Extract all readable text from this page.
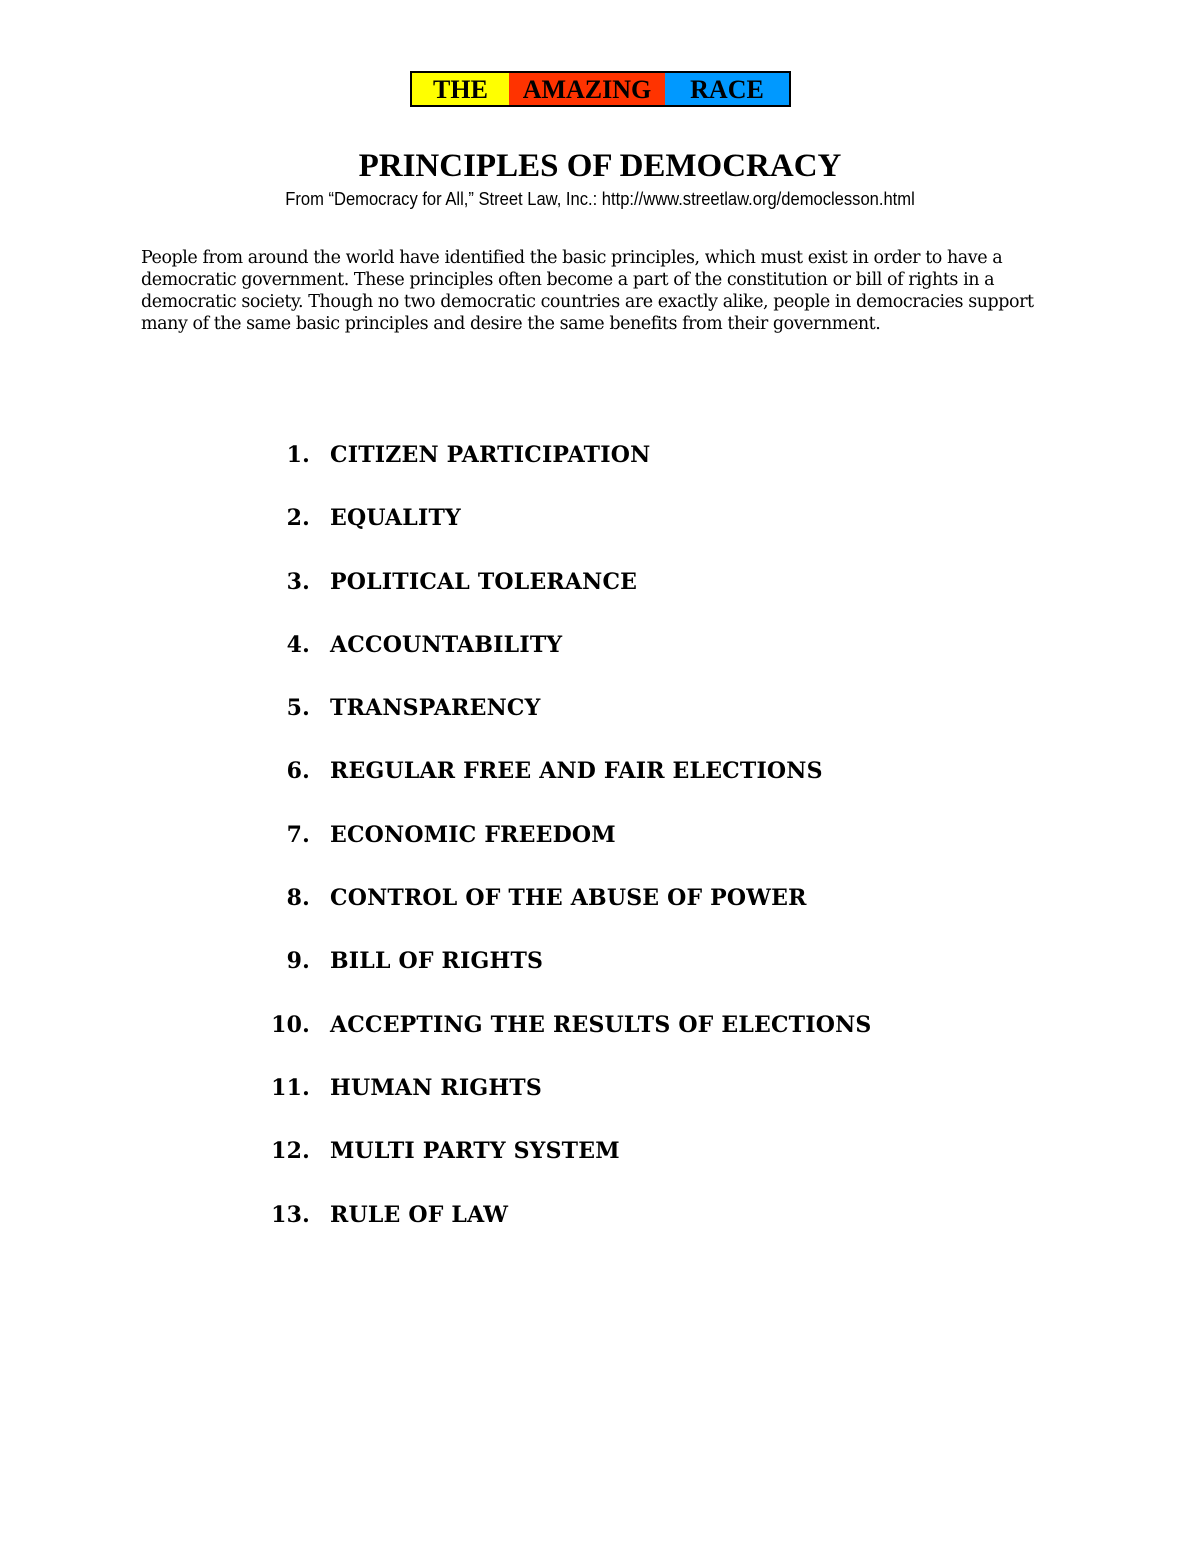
THE	AMAZING	RACE
PRINCIPLES OF DEMOCRACY

From “Democracy for All,” Street Law, Inc.: http://www.streetlaw.org/democlesson.html

People from around the world have identified the basic principles, which must exist in order to have a democratic government. These principles often become a part of the constitution or bill of rights in a democratic society. Though no two democratic countries are exactly alike, people in democracies support many of the same basic principles and desire the same benefits from their government.

1. CITIZEN PARTICIPATION
2. EQUALITY
3. POLITICAL TOLERANCE
4. ACCOUNTABILITY
5. TRANSPARENCY
6. REGULAR FREE AND FAIR ELECTIONS
7. ECONOMIC FREEDOM
8. CONTROL OF THE ABUSE OF POWER
9. BILL OF RIGHTS
10. ACCEPTING THE RESULTS OF ELECTIONS
11. HUMAN RIGHTS
12. MULTI PARTY SYSTEM
13. RULE OF LAW
